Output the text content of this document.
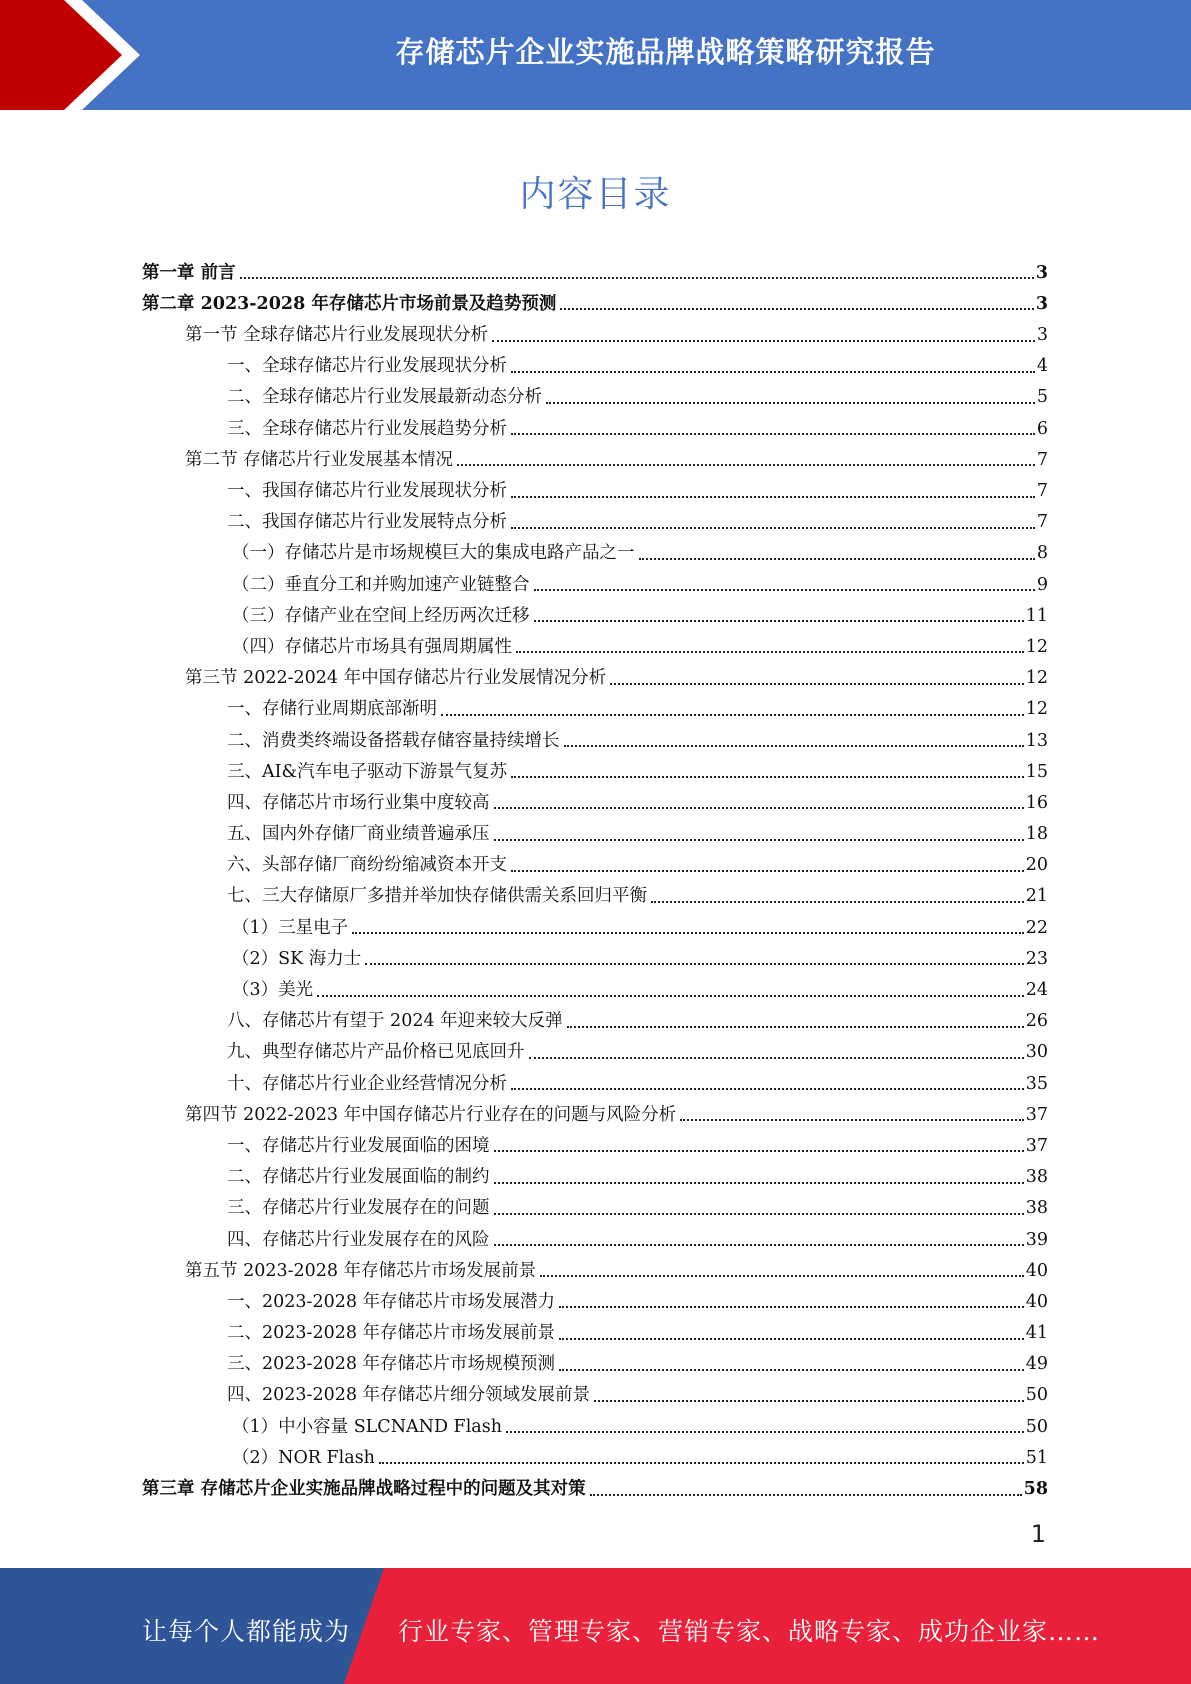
存储芯片企业实施品牌战略策略研究报告
内容目录
第一章 前言	3
第二章 2023-2028 年存储芯片市场前景及趋势预测	3
第一节 全球存储芯片行业发展现状分析	3
一、全球存储芯片行业发展现状分析	4
二、全球存储芯片行业发展最新动态分析	5
三、全球存储芯片行业发展趋势分析	6
第二节 存储芯片行业发展基本情况	7
一、我国存储芯片行业发展现状分析	7
二、我国存储芯片行业发展特点分析	7
（一）存储芯片是市场规模巨大的集成电路产品之一	8
（二）垂直分工和并购加速产业链整合	9
（三）存储产业在空间上经历两次迁移	11
（四）存储芯片市场具有强周期属性	12
第三节 2022-2024 年中国存储芯片行业发展情况分析	12
一、存储行业周期底部渐明	12
二、消费类终端设备搭载存储容量持续增长	13
三、AI&汽车电子驱动下游景气复苏	15
四、存储芯片市场行业集中度较高	16
五、国内外存储厂商业绩普遍承压	18
六、头部存储厂商纷纷缩减资本开支	20
七、三大存储原厂多措并举加快存储供需关系回归平衡	21
（1）三星电子	22
（2）SK 海力士	23
（3）美光	24
八、存储芯片有望于 2024 年迎来较大反弹	26
九、典型存储芯片产品价格已见底回升	30
十、存储芯片行业企业经营情况分析	35
第四节 2022-2023 年中国存储芯片行业存在的问题与风险分析	37
一、存储芯片行业发展面临的困境	37
二、存储芯片行业发展面临的制约	38
三、存储芯片行业发展存在的问题	38
四、存储芯片行业发展存在的风险	39
第五节 2023-2028 年存储芯片市场发展前景	40
一、2023-2028 年存储芯片市场发展潜力	40
二、2023-2028 年存储芯片市场发展前景	41
三、2023-2028 年存储芯片市场规模预测	49
四、2023-2028 年存储芯片细分领域发展前景	50
（1）中小容量 SLCNAND Flash	50
（2）NOR Flash	51
第三章 存储芯片企业实施品牌战略过程中的问题及其对策	58
1
让每个人都能成为 行业专家、管理专家、营销专家、战略专家、成功企业家……
